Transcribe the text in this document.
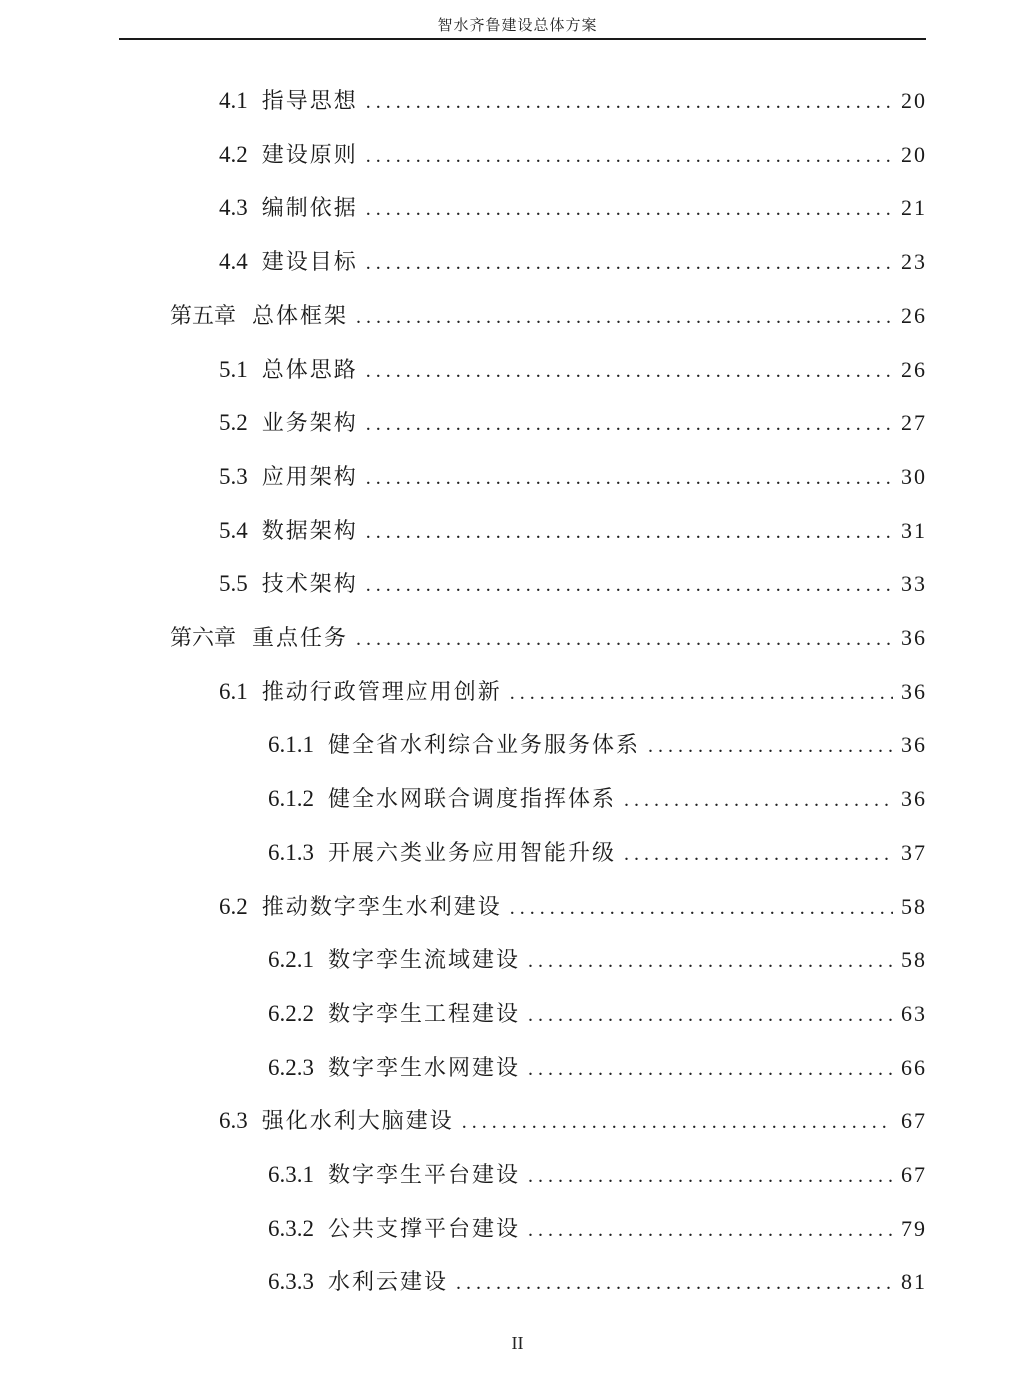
智水齐鲁建设总体方案
4.1 指导思想 .....	20
4.2 建设原则 .....	20
4.3 编制依据 .....	21
4.4 建设目标 .....	23
第五章 总体框架 .....	26
5.1 总体思路 .....	26
5.2 业务架构 .....	27
5.3 应用架构 .....	30
5.4 数据架构 .....	31
5.5 技术架构 .....	33
第六章 重点任务 .....	36
6.1 推动行政管理应用创新 .....	36
6.1.1 健全省水利综合业务服务体系 .....	36
6.1.2 健全水网联合调度指挥体系 .....	36
6.1.3 开展六类业务应用智能升级 .....	37
6.2 推动数字孪生水利建设 .....	58
6.2.1 数字孪生流域建设 .....	58
6.2.2 数字孪生工程建设 .....	63
6.2.3 数字孪生水网建设 .....	66
6.3 强化水利大脑建设 .....	67
6.3.1 数字孪生平台建设 .....	67
6.3.2 公共支撑平台建设 .....	79
6.3.3 水利云建设 .....	81
II
